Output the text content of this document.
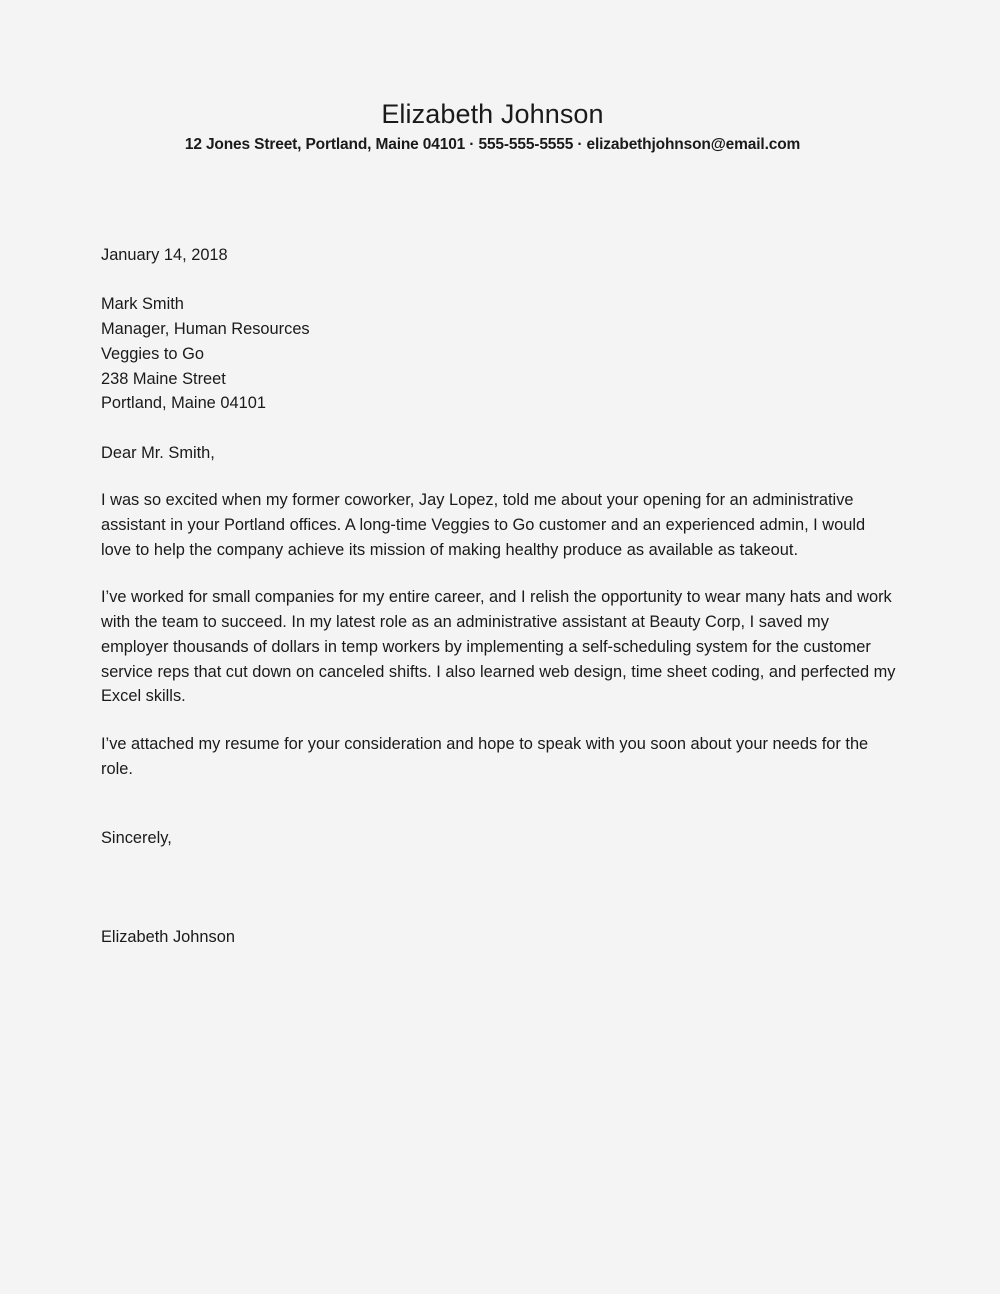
Elizabeth Johnson
12 Jones Street, Portland, Maine 04101 · 555-555-5555 · elizabethjohnson@email.com

January 14, 2018

Mark Smith

Manager, Human Resources

Veggies to Go

238 Maine Street

Portland, Maine 04101

Dear Mr. Smith,

I was so excited when my former coworker, Jay Lopez, told me about your opening for an administrative assistant in your Portland offices. A long-time Veggies to Go customer and an experienced admin, I would love to help the company achieve its mission of making healthy produce as available as takeout.

I’ve worked for small companies for my entire career, and I relish the opportunity to wear many hats and work with the team to succeed. In my latest role as an administrative assistant at Beauty Corp, I saved my employer thousands of dollars in temp workers by implementing a self-scheduling system for the customer service reps that cut down on canceled shifts. I also learned web design, time sheet coding, and perfected my Excel skills.

I’ve attached my resume for your consideration and hope to speak with you soon about your needs for the role.

Sincerely,

Elizabeth Johnson
